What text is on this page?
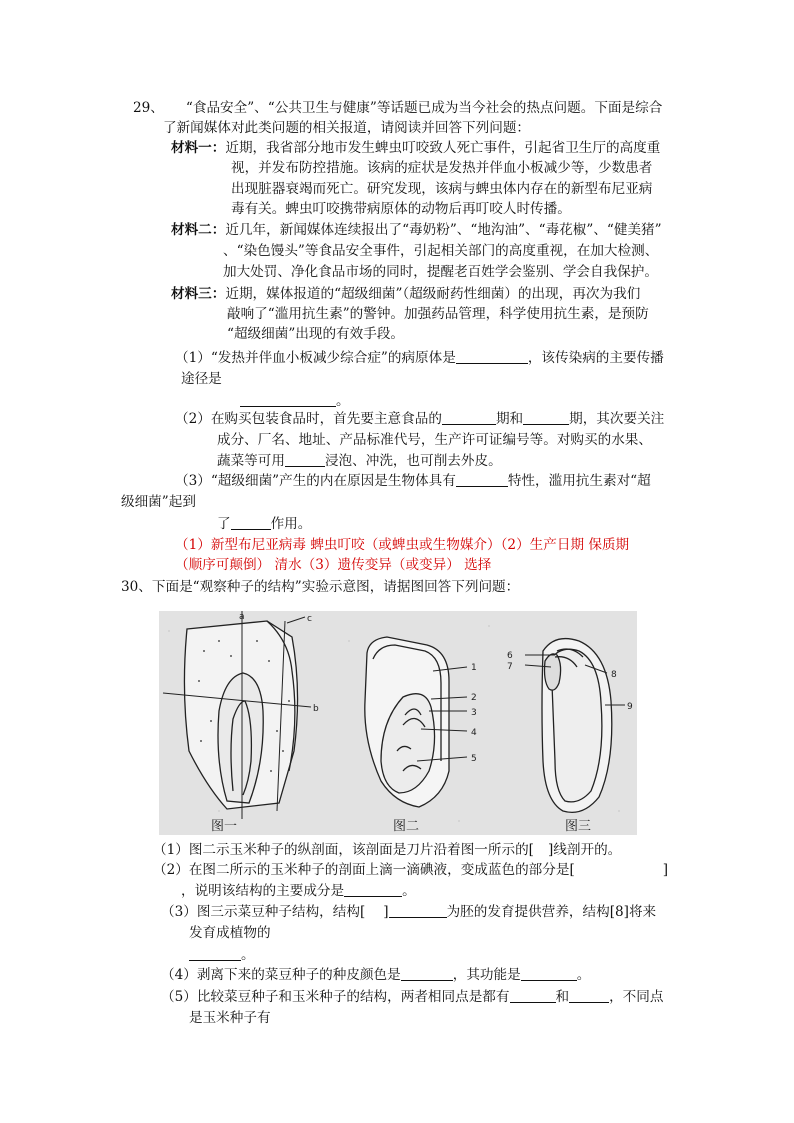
29、 “食品安全”、“公共卫生与健康”等话题已成为当今社会的热点问题。下面是综合
了新闻媒体对此类问题的相关报道，请阅读并回答下列问题：
材料一：近期，我省部分地市发生蜱虫叮咬致人死亡事件，引起省卫生厅的高度重
视，并发布防控措施。该病的症状是发热并伴血小板减少等，少数患者
出现脏器衰竭而死亡。研究发现，该病与蜱虫体内存在的新型布尼亚病
毒有关。蜱虫叮咬携带病原体的动物后再叮咬人时传播。
材料二：近几年，新闻媒体连续报出了“毒奶粉”、“地沟油”、“毒花椒”、“健美猪”
、“染色馒头”等食品安全事件，引起相关部门的高度重视，在加大检测、
加大处罚、净化食品市场的同时，提醒老百姓学会鉴别、学会自我保护。
材料三：近期，媒体报道的“超级细菌”（超级耐药性细菌）的出现，再次为我们
敲响了“滥用抗生素”的警钟。加强药品管理，科学使用抗生素，是预防
“超级细菌”出现的有效手段。
（1）“发热并伴血小板减少综合症”的病原体是	，该传染病的主要传播
途径是
。
（2）在购买包装食品时，首先要主意食品的	期和	期，其次要关注
成分、厂名、地址、产品标准代号，生产许可证编号等。对购买的水果、
蔬菜等可用	浸泡、冲洗，也可削去外皮。
（3）“超级细菌”产生的内在原因是生物体具有	特性，滥用抗生素对“超
级细菌”起到
了	作用。
（1）新型布尼亚病毒 蜱虫叮咬（或蜱虫或生物媒介）（2）生产日期 保质期
（顺序可颠倒） 清水（3）遗传变异（或变异） 选择
30、下面是“观察种子的结构”实验示意图，请据图回答下列问题：
a	c
b
图一
1
2
3
4
5
图二
6
7
8
9
图三
（1）图二示玉米种子的纵剖面，该剖面是刀片沿着图一所示的[ ]线剖开的。
（2）在图二所示的玉米种子的剖面上滴一滴碘液，变成蓝色的部分是[	]
，说明该结构的主要成分是	。
（3）图三示菜豆种子结构，结构[ ]	为胚的发育提供营养，结构[8]将来
发育成植物的
。
（4）剥离下来的菜豆种子的种皮颜色是	，其功能是	。
（5）比较菜豆种子和玉米种子的结构，两者相同点是都有	和	，不同点
是玉米种子有
